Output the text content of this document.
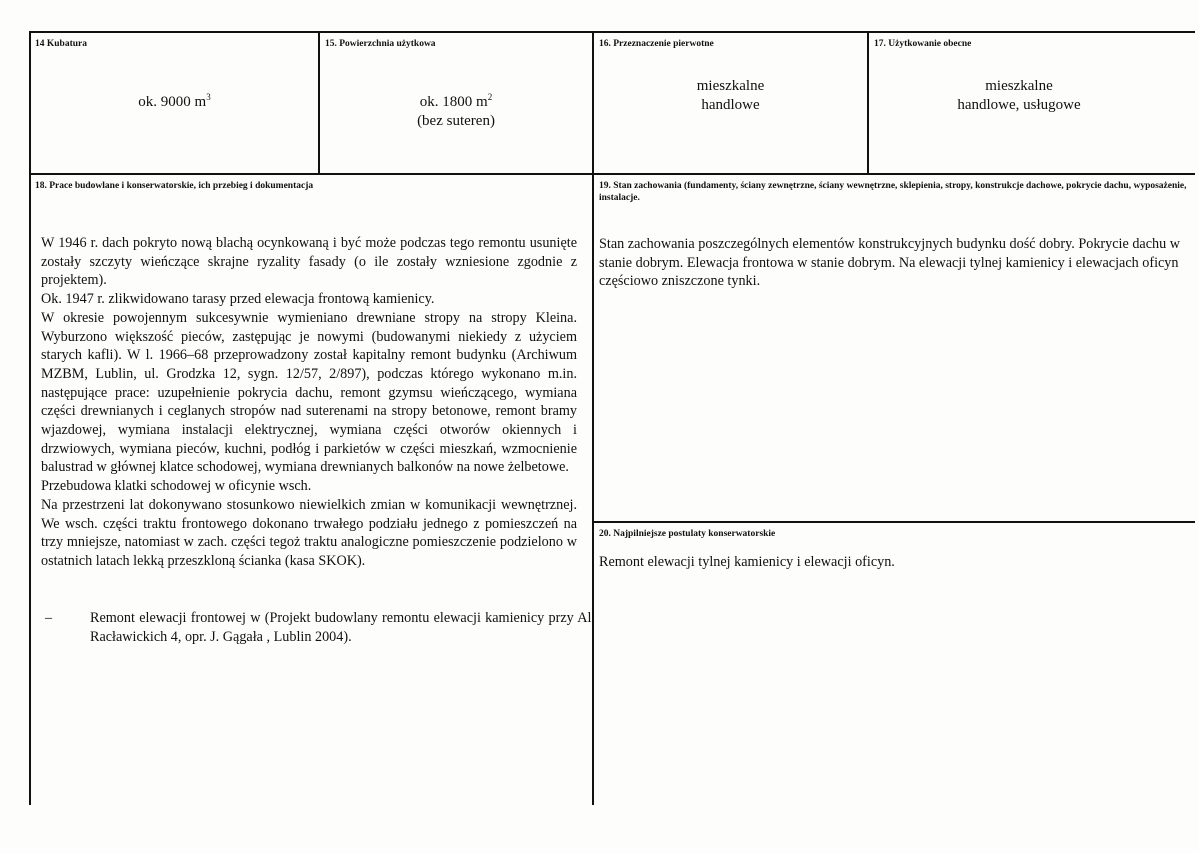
14 Kubatura
ok. 9000 $m^3$
15. Powierzchnia użytkowa
ok. 1800 $m^2$
(bez suteren)
16. Przeznaczenie pierwotne
mieszkalne
handlowe
17. Użytkowanie obecne
mieszkalne
handlowe, usługowe
18. Prace budowlane i konserwatorskie, ich przebieg i dokumentacja

W 1946 r. dach pokryto nową blachą ocynkowaną i być może podczas tego remontu usunięte zostały szczyty wieńczące skrajne ryzality fasady (o ile zostały wzniesione zgodnie z projektem).

Ok. 1947 r. zlikwidowano tarasy przed elewacja frontową kamienicy.

W okresie powojennym sukcesywnie wymieniano drewniane stropy na stropy Kleina. Wyburzono większość pieców, zastępując je nowymi (budowanymi niekiedy z użyciem starych kafli). W l. 1966–68 przeprowadzony został kapitalny remont budynku (Archiwum MZBM, Lublin, ul. Grodzka 12, sygn. 12/57, 2/897), podczas którego wykonano m.in. następujące prace: uzupełnienie pokrycia dachu, remont gzymsu wieńczącego, wymiana części drewnianych i ceglanych stropów nad suterenami na stropy betonowe, remont bramy wjazdowej, wymiana instalacji elektrycznej, wymiana części otworów okiennych i drzwiowych, wymiana pieców, kuchni, podłóg i parkietów w części mieszkań, wzmocnienie balustrad w głównej klatce schodowej, wymiana drewnianych balkonów na nowe żelbetowe.

Przebudowa klatki schodowej w oficynie wsch.

Na przestrzeni lat dokonywano stosunkowo niewielkich zmian w komunikacji wewnętrznej. We wsch. części traktu frontowego dokonano trwałego podziału jednego z pomieszczeń na trzy mniejsze, natomiast w zach. części tegoż traktu analogiczne pomieszczenie podzielono w ostatnich latach lekką przeszkloną ścianka (kasa SKOK).

–	Remont elewacji frontowej w (Projekt budowlany remontu elewacji kamienicy przy Al. Racławickich 4, opr. J. Gągała , Lublin 2004).
19. Stan zachowania (fundamenty, ściany zewnętrzne, ściany wewnętrzne, sklepienia, stropy, konstrukcje dachowe, pokrycie dachu, wyposażenie, instalacje.
Stan zachowania poszczególnych elementów konstrukcyjnych budynku dość dobry. Pokrycie dachu w stanie dobrym. Elewacja frontowa w stanie dobrym. Na elewacji tylnej kamienicy i elewacjach oficyn częściowo zniszczone tynki.
20. Najpilniejsze postulaty konserwatorskie
Remont elewacji tylnej kamienicy i elewacji oficyn.
